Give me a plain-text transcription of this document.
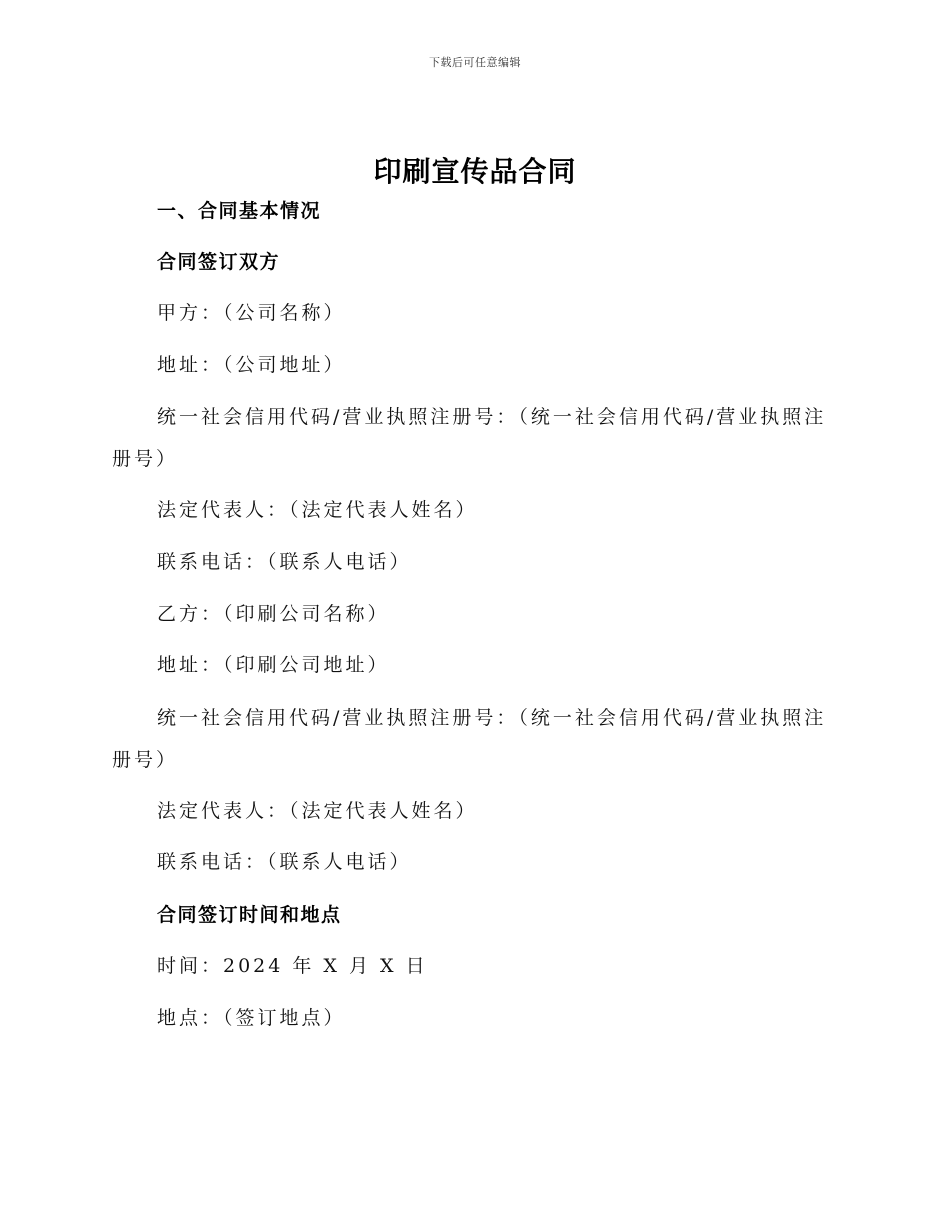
下载后可任意编辑
印刷宣传品合同
一、合同基本情况
合同签订双方
甲方：（公司名称）
地址：（公司地址）
统一社会信用代码/营业执照注册号：（统一社会信用代码/营业执照注册号）
法定代表人：（法定代表人姓名）
联系电话：（联系人电话）
乙方：（印刷公司名称）
地址：（印刷公司地址）
统一社会信用代码/营业执照注册号：（统一社会信用代码/营业执照注册号）
法定代表人：（法定代表人姓名）
联系电话：（联系人电话）
合同签订时间和地点
时间：2024 年 X 月 X 日
地点：（签订地点）
